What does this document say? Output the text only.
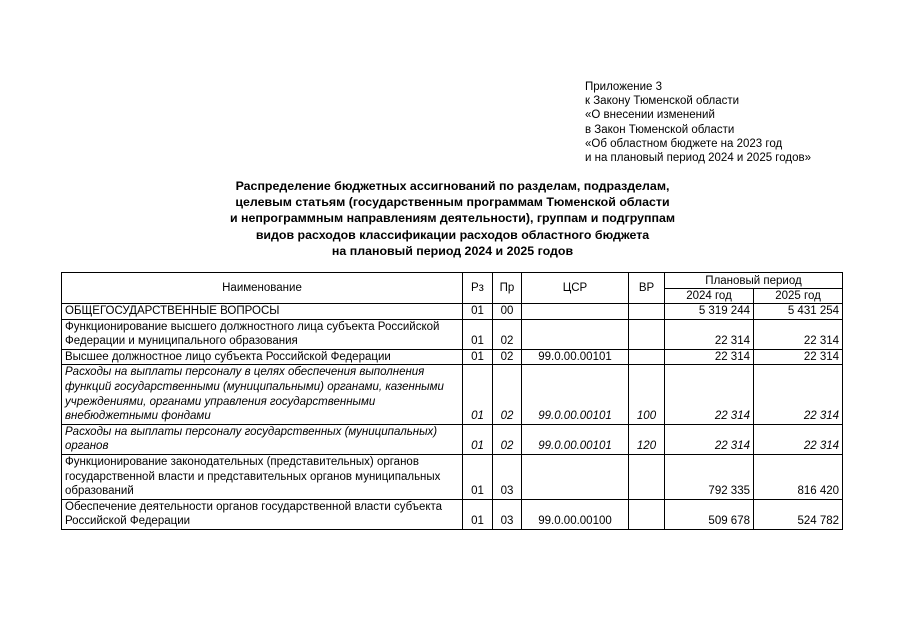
Приложение 3
к Закону Тюменской области
«О внесении изменений
в Закон Тюменской области
«Об областном бюджете на 2023 год
и на плановый период 2024 и 2025 годов»
Распределение бюджетных ассигнований по разделам, подразделам,
целевым статьям (государственным программам Тюменской области
и непрограммным направлениям деятельности), группам и подгруппам
видов расходов классификации расходов областного бюджета
на плановый период 2024 и 2025 годов
Наименование	Рз	Пр	ЦСР	ВР	Плановый период	
					2024 год	2025 год
ОБЩЕГОСУДАРСТВЕННЫЕ ВОПРОСЫ	01	00			5 319 244	5 431 254
Функционирование высшего должностного лица субъекта Российской Федерации и муниципального образования	01	02			22 314	22 314
Высшее должностное лицо субъекта Российской Федерации	01	02	99.0.00.00101		22 314	22 314
Расходы на выплаты персоналу в целях обеспечения выполнения функций государственными (муниципальными) органами, казенными учреждениями, органами управления государственными внебюджетными фондами	01	02	99.0.00.00101	100	22 314	22 314
Расходы на выплаты персоналу государственных (муниципальных) органов	01	02	99.0.00.00101	120	22 314	22 314
Функционирование законодательных (представительных) органов государственной власти и представительных органов муниципальных образований	01	03			792 335	816 420
Обеспечение деятельности органов государственной власти субъекта Российской Федерации	01	03	99.0.00.00100		509 678	524 782
